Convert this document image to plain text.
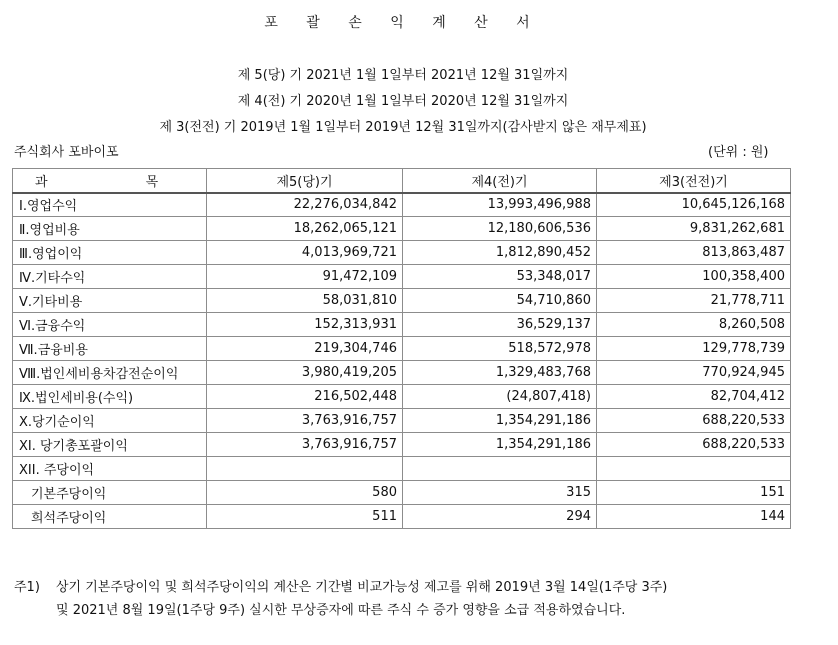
포 괄 손 익 계 산 서
제 5(당) 기 2021년 1월 1일부터 2021년 12월 31일까지
제 4(전) 기 2020년 1월 1일부터 2020년 12월 31일까지
제 3(전전) 기 2019년 1월 1일부터 2019년 12월 31일까지(감사받지 않은 재무제표)
주식회사 포바이포	(단위 : 원)
과 목	제5(당)기	제4(전)기	제3(전전)기
Ⅰ.영업수익	22,276,034,842	13,993,496,988	10,645,126,168
Ⅱ.영업비용	18,262,065,121	12,180,606,536	9,831,262,681
Ⅲ.영업이익	4,013,969,721	1,812,890,452	813,863,487
Ⅳ.기타수익	91,472,109	53,348,017	100,358,400
Ⅴ.기타비용	58,031,810	54,710,860	21,778,711
Ⅵ.금융수익	152,313,931	36,529,137	8,260,508
Ⅶ.금융비용	219,304,746	518,572,978	129,778,739
Ⅷ.법인세비용차감전순이익	3,980,419,205	1,329,483,768	770,924,945
Ⅸ.법인세비용(수익)	216,502,448	(24,807,418)	82,704,412
Ⅹ.당기순이익	3,763,916,757	1,354,291,186	688,220,533
XI. 당기총포괄이익	3,763,916,757	1,354,291,186	688,220,533
XII. 주당이익			
기본주당이익	580	315	151
희석주당이익	511	294	144
주1) 상기 기본주당이익 및 희석주당이익의 계산은 기간별 비교가능성 제고를 위해 2019년 3월 14일(1주당 3주)
및 2021년 8월 19일(1주당 9주) 실시한 무상증자에 따른 주식 수 증가 영향을 소급 적용하였습니다.
